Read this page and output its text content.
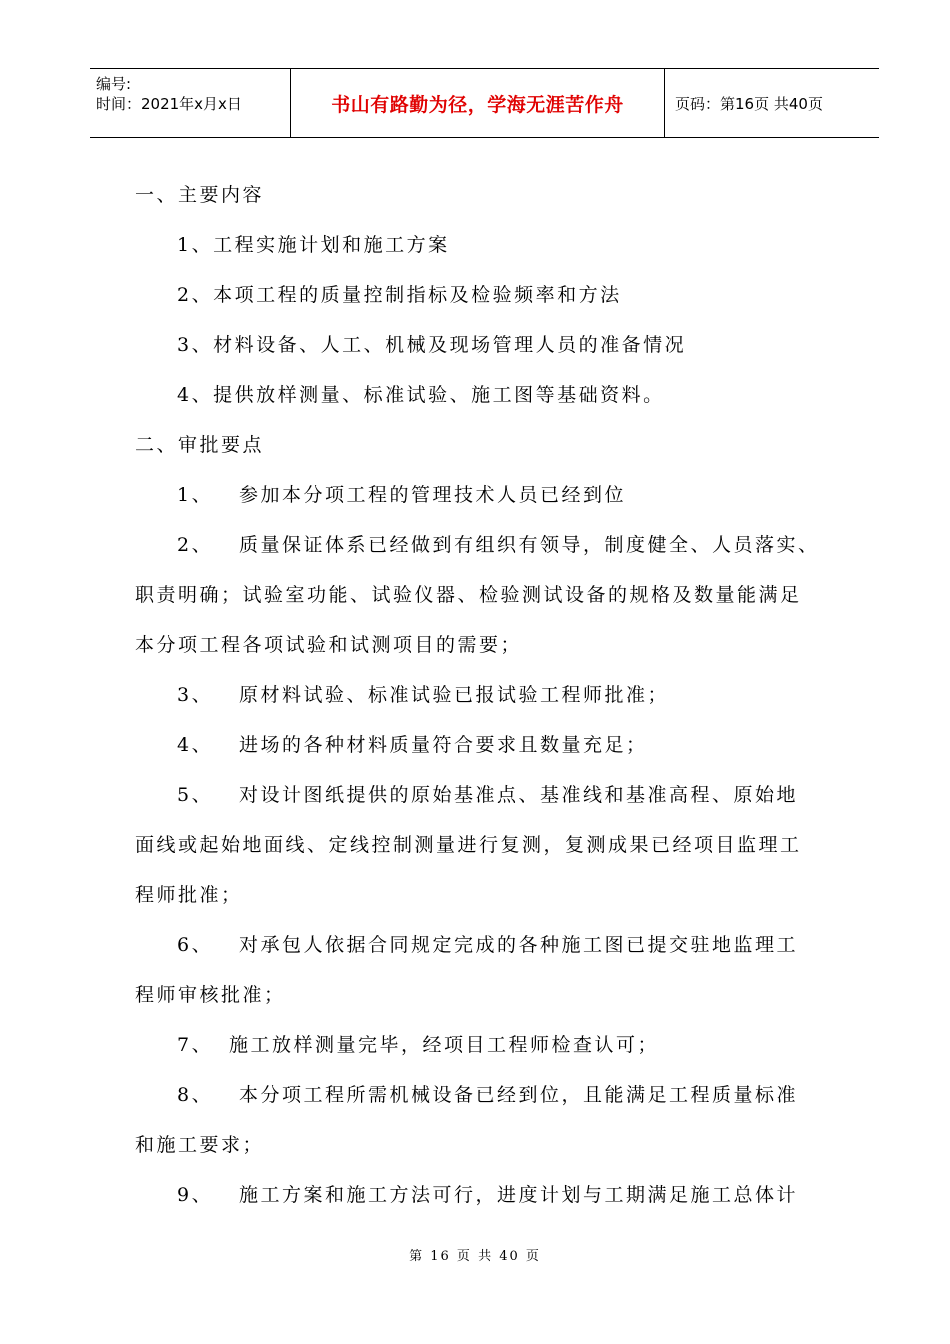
编号:
时间：2021年x月x日	书山有路勤为径，学海无涯苦作舟	页码：第16页 共40页
一、主要内容
1、工程实施计划和施工方案
2、本项工程的质量控制指标及检验频率和方法
3、材料设备、人工、机械及现场管理人员的准备情况
4、提供放样测量、标准试验、施工图等基础资料。
二、审批要点
1、 参加本分项工程的管理技术人员已经到位
2、 质量保证体系已经做到有组织有领导，制度健全、人员落实、
职责明确；试验室功能、试验仪器、检验测试设备的规格及数量能满足
本分项工程各项试验和试测项目的需要；
3、 原材料试验、标准试验已报试验工程师批准；
4、 进场的各种材料质量符合要求且数量充足；
5、 对设计图纸提供的原始基准点、基准线和基准高程、原始地
面线或起始地面线、定线控制测量进行复测，复测成果已经项目监理工
程师批准；
6、 对承包人依据合同规定完成的各种施工图已提交驻地监理工
程师审核批准；
7、 施工放样测量完毕，经项目工程师检查认可；
8、 本分项工程所需机械设备已经到位，且能满足工程质量标准
和施工要求；
9、 施工方案和施工方法可行，进度计划与工期满足施工总体计
第 16 页 共 40 页
